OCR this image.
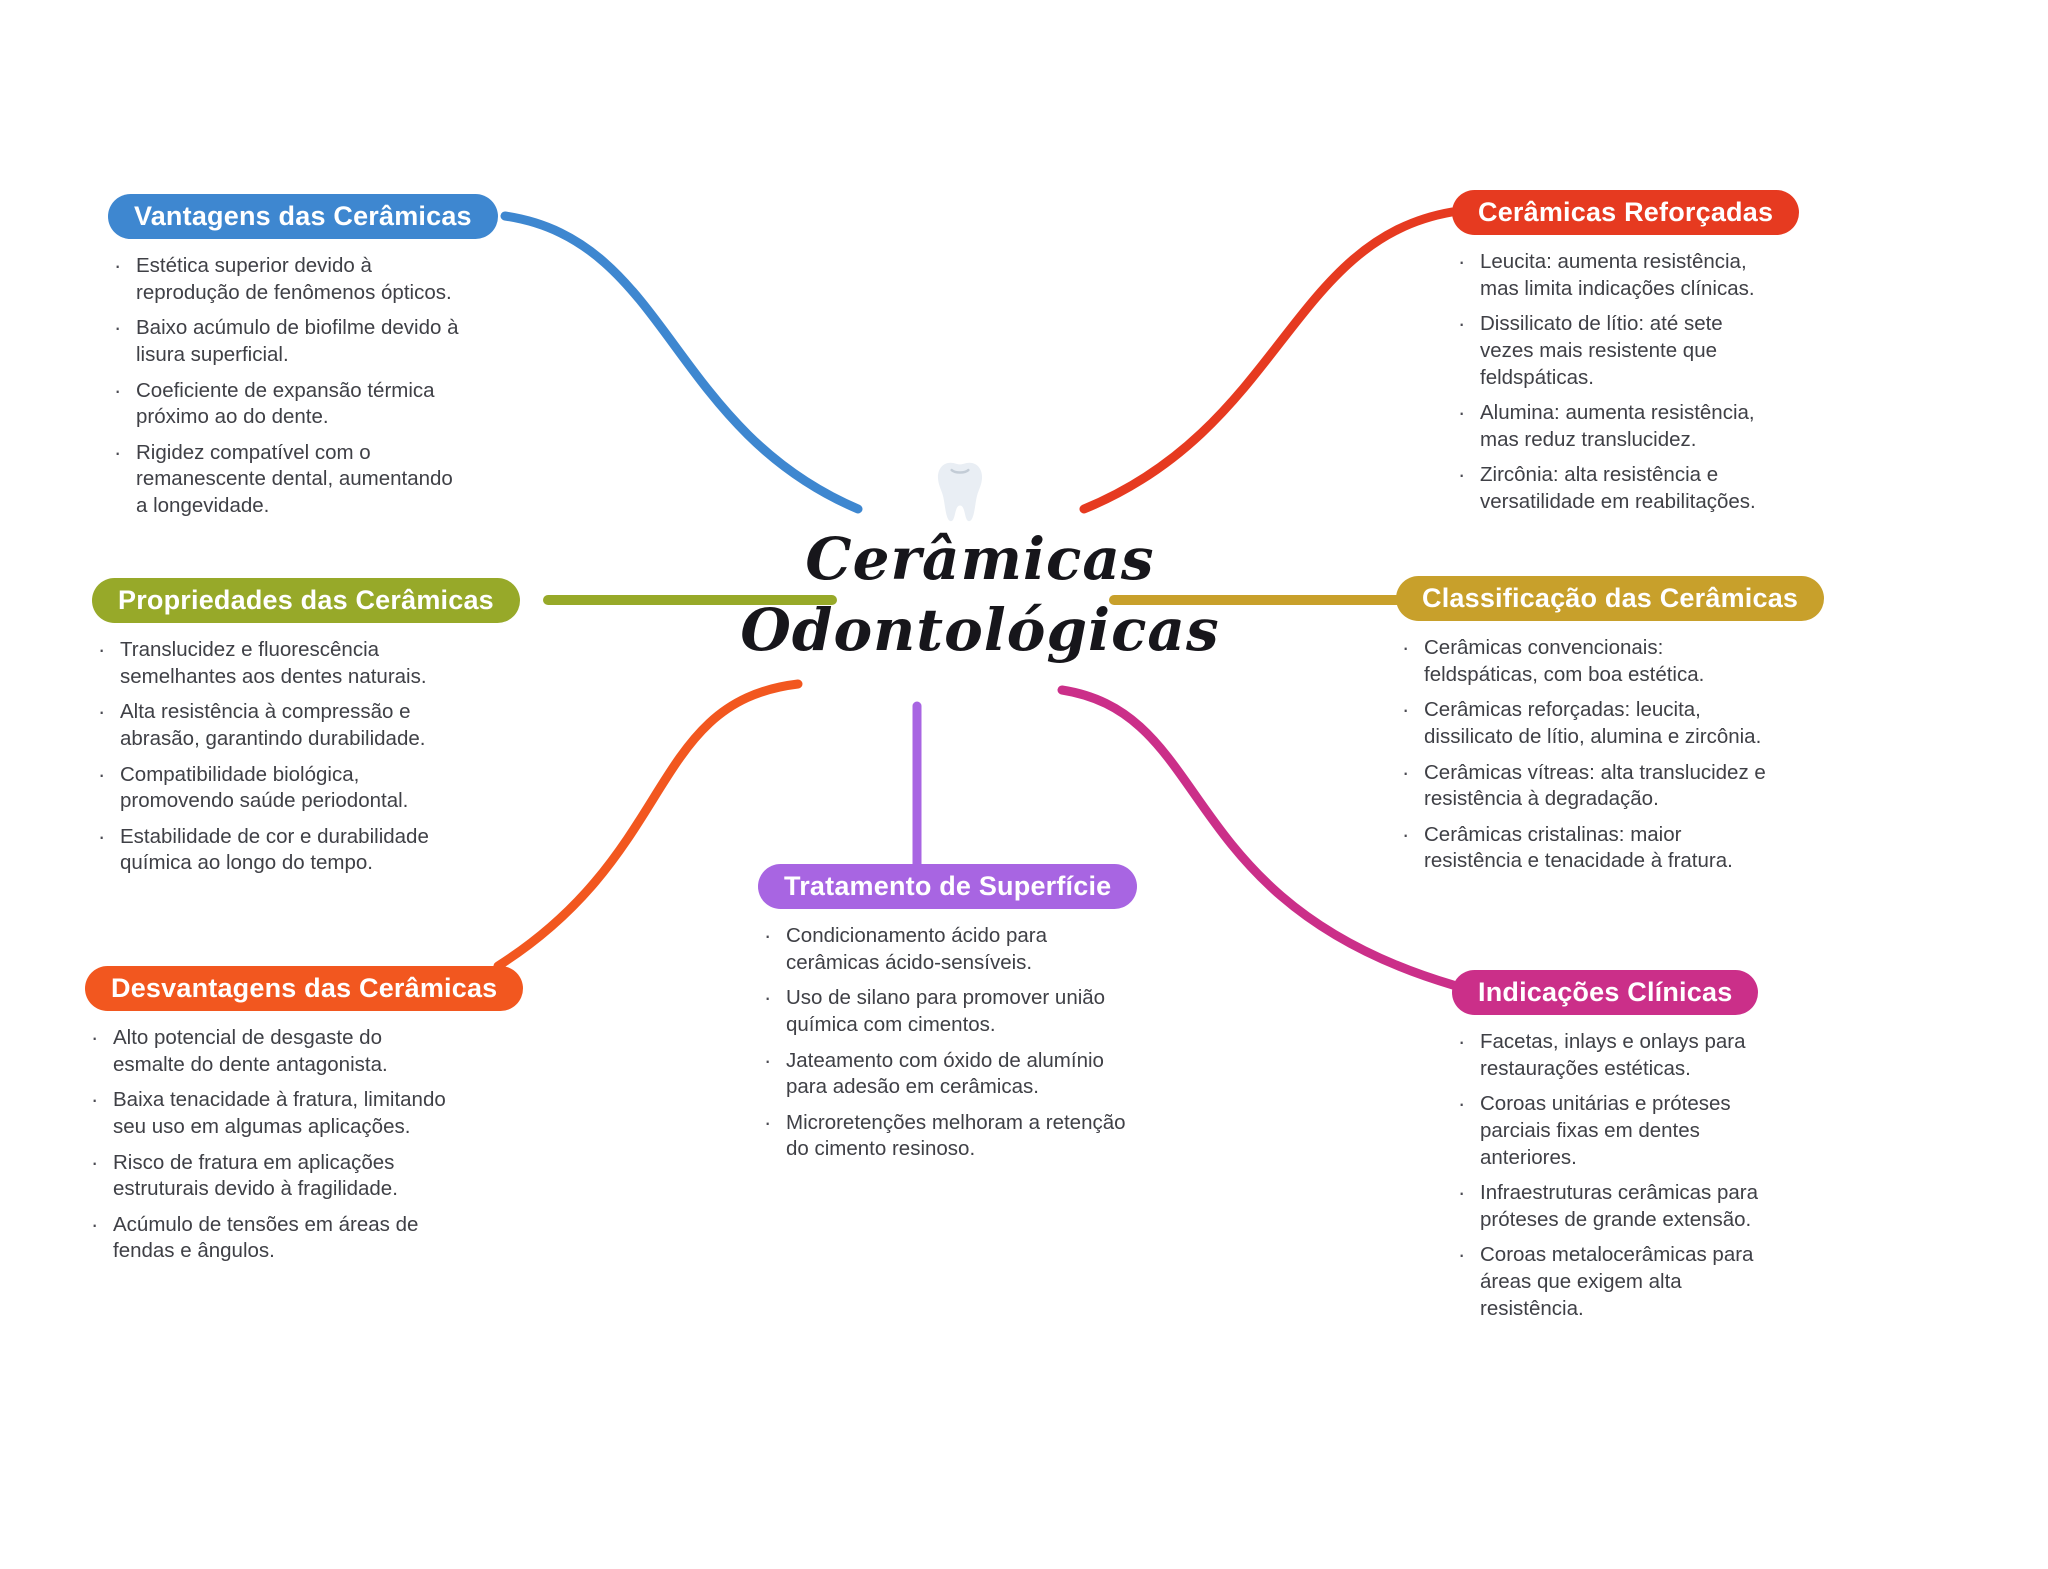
Cerâmicas
Odontológicas
Vantagens das Cerâmicas
· Estética superior devido à reprodução de fenômenos ópticos.
· Baixo acúmulo de biofilme devido à lisura superficial.
· Coeficiente de expansão térmica próximo ao do dente.
· Rigidez compatível com o remanescente dental, aumentando a longevidade.
Propriedades das Cerâmicas
· Translucidez e fluorescência semelhantes aos dentes naturais.
· Alta resistência à compressão e abrasão, garantindo durabilidade.
· Compatibilidade biológica, promovendo saúde periodontal.
· Estabilidade de cor e durabilidade química ao longo do tempo.
Desvantagens das Cerâmicas
· Alto potencial de desgaste do esmalte do dente antagonista.
· Baixa tenacidade à fratura, limitando seu uso em algumas aplicações.
· Risco de fratura em aplicações estruturais devido à fragilidade.
· Acúmulo de tensões em áreas de fendas e ângulos.
Cerâmicas Reforçadas
· Leucita: aumenta resistência, mas limita indicações clínicas.
· Dissilicato de lítio: até sete vezes mais resistente que feldspáticas.
· Alumina: aumenta resistência, mas reduz translucidez.
· Zircônia: alta resistência e versatilidade em reabilitações.
Classificação das Cerâmicas
· Cerâmicas convencionais: feldspáticas, com boa estética.
· Cerâmicas reforçadas: leucita, dissilicato de lítio, alumina e zircônia.
· Cerâmicas vítreas: alta translucidez e resistência à degradação.
· Cerâmicas cristalinas: maior resistência e tenacidade à fratura.
Indicações Clínicas
· Facetas, inlays e onlays para restaurações estéticas.
· Coroas unitárias e próteses parciais fixas em dentes anteriores.
· Infraestruturas cerâmicas para próteses de grande extensão.
· Coroas metalocerâmicas para áreas que exigem alta resistência.
Tratamento de Superfície
· Condicionamento ácido para cerâmicas ácido-sensíveis.
· Uso de silano para promover união química com cimentos.
· Jateamento com óxido de alumínio para adesão em cerâmicas.
· Microretenções melhoram a retenção do cimento resinoso.
